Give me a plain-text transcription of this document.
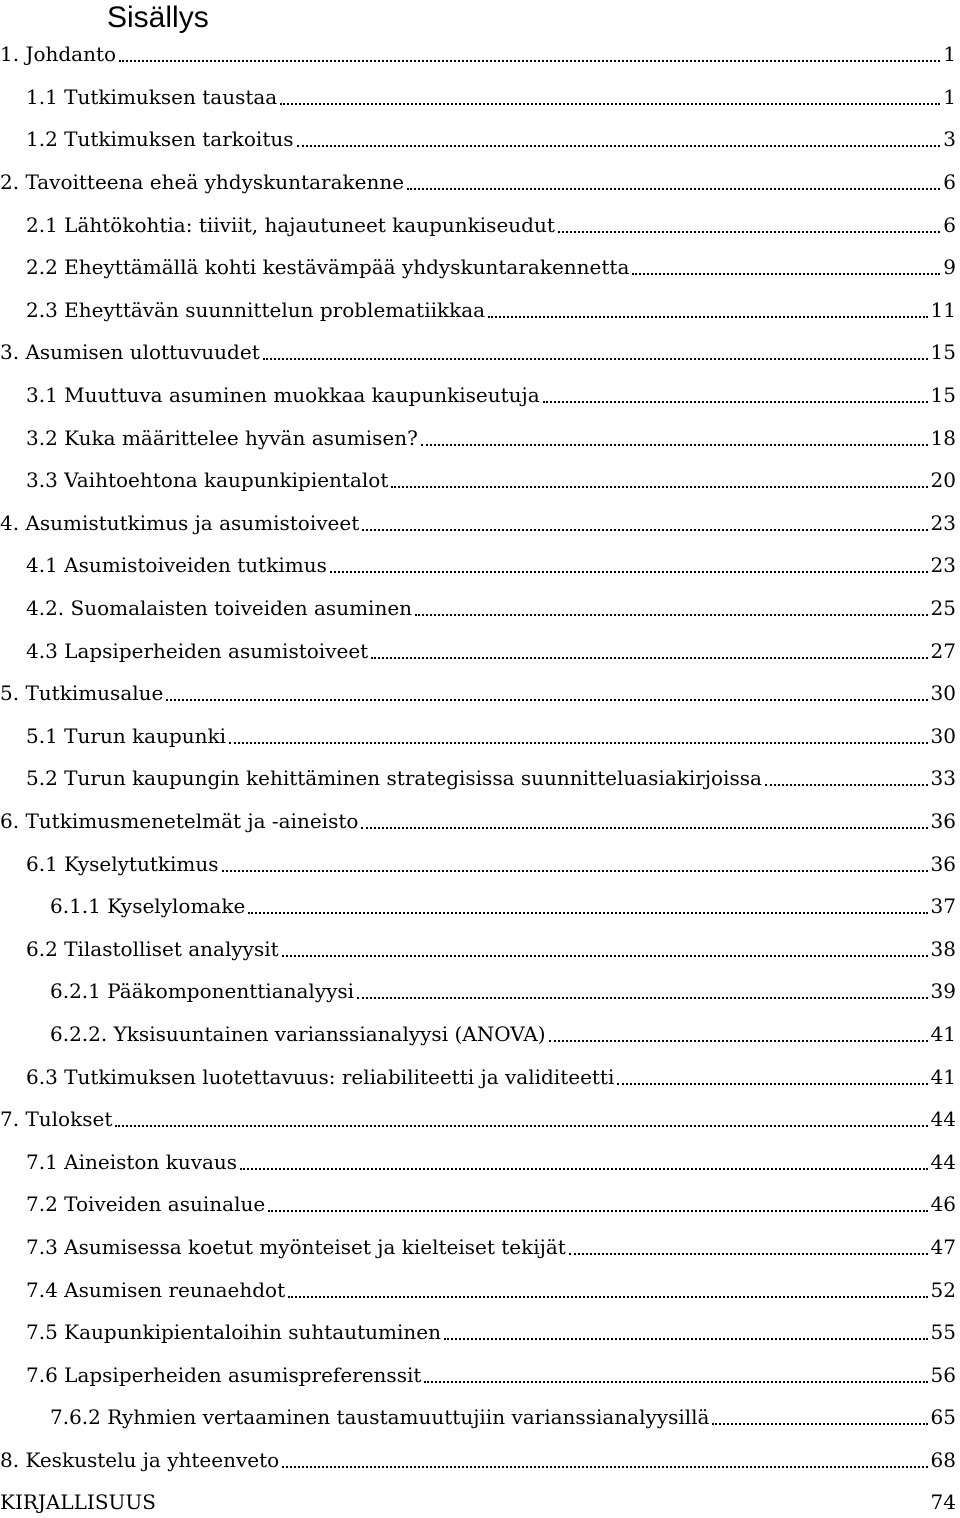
Sisällys
1. Johdanto	1
1.1 Tutkimuksen taustaa	1
1.2 Tutkimuksen tarkoitus	3
2. Tavoitteena eheä yhdyskuntarakenne	6
2.1 Lähtökohtia: tiiviit, hajautuneet kaupunkiseudut	6
2.2 Eheyttämällä kohti kestävämpää yhdyskuntarakennetta	9
2.3 Eheyttävän suunnittelun problematiikkaa	11
3. Asumisen ulottuvuudet	15
3.1 Muuttuva asuminen muokkaa kaupunkiseutuja	15
3.2 Kuka määrittelee hyvän asumisen?	18
3.3 Vaihtoehtona kaupunkipientalot	20
4. Asumistutkimus ja asumistoiveet	23
4.1 Asumistoiveiden tutkimus	23
4.2. Suomalaisten toiveiden asuminen	25
4.3 Lapsiperheiden asumistoiveet	27
5. Tutkimusalue	30
5.1 Turun kaupunki	30
5.2 Turun kaupungin kehittäminen strategisissa suunnitteluasiakirjoissa	33
6. Tutkimusmenetelmät ja -aineisto	36
6.1 Kyselytutkimus	36
6.1.1 Kyselylomake	37
6.2 Tilastolliset analyysit	38
6.2.1 Pääkomponenttianalyysi	39
6.2.2. Yksisuuntainen varianssianalyysi (ANOVA)	41
6.3 Tutkimuksen luotettavuus: reliabiliteetti ja validiteetti	41
7. Tulokset	44
7.1 Aineiston kuvaus	44
7.2 Toiveiden asuinalue	46
7.3 Asumisessa koetut myönteiset ja kielteiset tekijät	47
7.4 Asumisen reunaehdot	52
7.5 Kaupunkipientaloihin suhtautuminen	55
7.6 Lapsiperheiden asumispreferenssit	56
7.6.2 Ryhmien vertaaminen taustamuuttujiin varianssianalyysillä	65
8. Keskustelu ja yhteenveto	68
KIRJALLISUUS	74
